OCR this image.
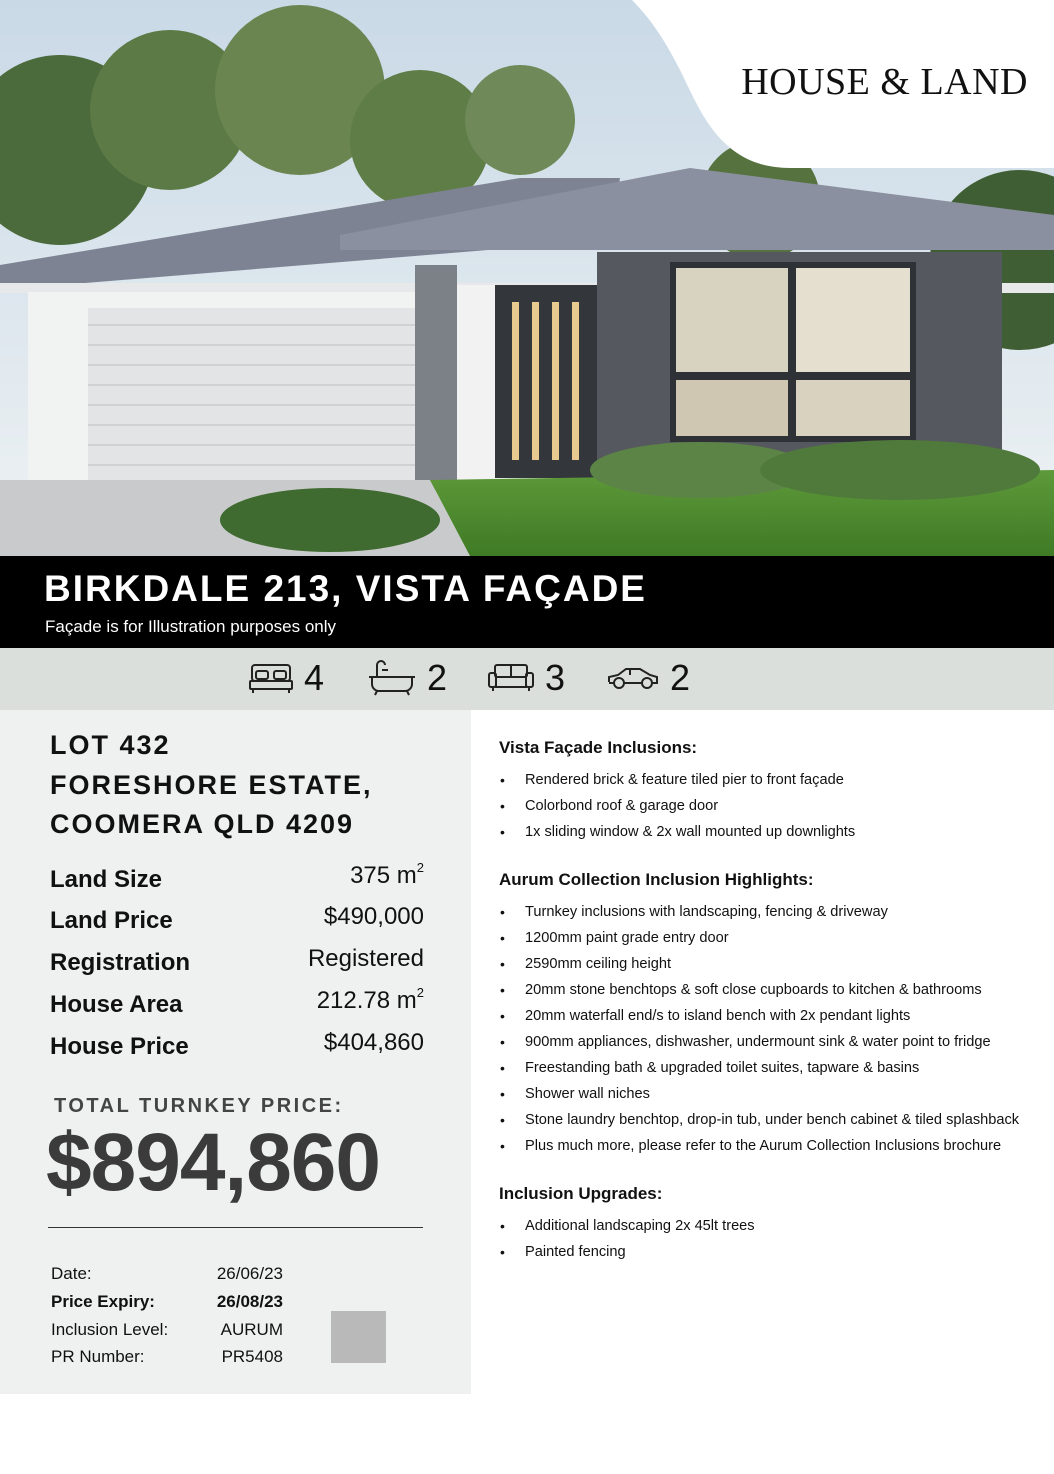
HOUSE & LAND
BIRKDALE 213, VISTA FAÇADE
Façade is for Illustration purposes only
4	2	3	2
LOT 432
FORESHORE ESTATE,
COOMERA QLD 4209
Land Size	375 $m^2$
Land Price	$490,000
Registration	Registered
House Area	212.78 $m^2$
House Price	$404,860
TOTAL TURNKEY PRICE:
$894,860
Date:	26/06/23
Price Expiry:	26/08/23
Inclusion Level:	AURUM
PR Number:	PR5408
Vista Façade Inclusions:
• Rendered brick & feature tiled pier to front façade
• Colorbond roof & garage door
• 1x sliding window & 2x wall mounted up downlights
Aurum Collection Inclusion Highlights:
• Turnkey inclusions with landscaping, fencing & driveway
• 1200mm paint grade entry door
• 2590mm ceiling height
• 20mm stone benchtops & soft close cupboards to kitchen & bathrooms
• 20mm waterfall end/s to island bench with 2x pendant lights
• 900mm appliances, dishwasher, undermount sink & water point to fridge
• Freestanding bath & upgraded toilet suites, tapware & basins
• Shower wall niches
• Stone laundry benchtop, drop-in tub, under bench cabinet & tiled splashback
• Plus much more, please refer to the Aurum Collection Inclusions brochure
Inclusion Upgrades:
• Additional landscaping 2x 45lt trees
• Painted fencing
